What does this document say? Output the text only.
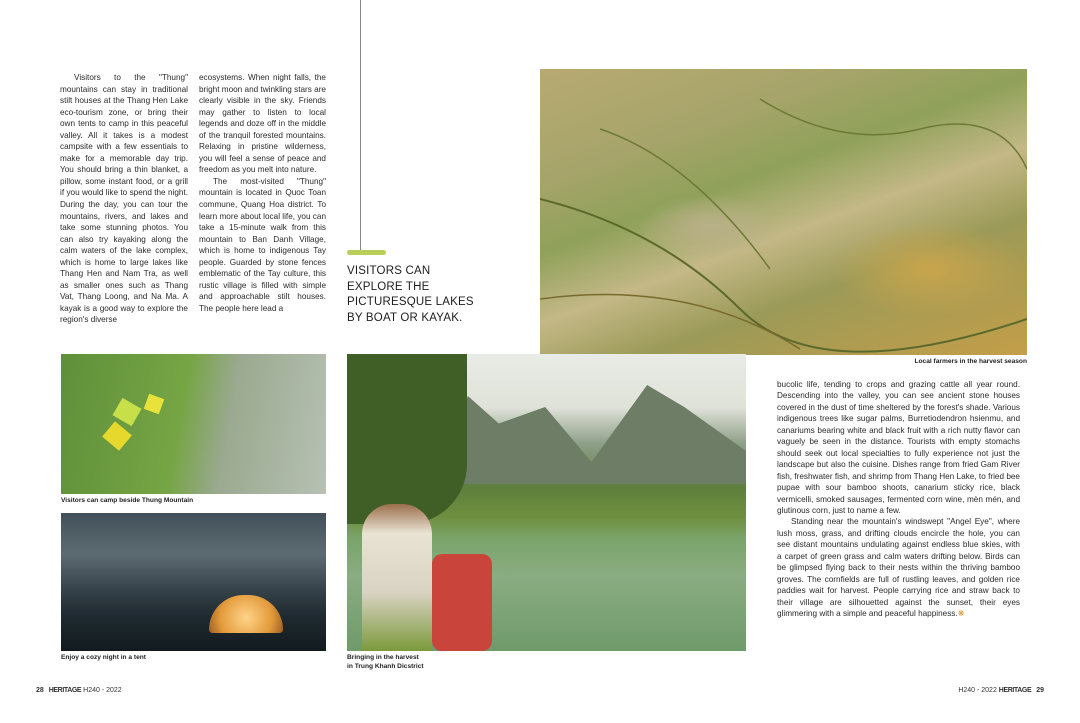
Visitors to the "Thung" mountains can stay in traditional stilt houses at the Thang Hen Lake eco-tourism zone, or bring their own tents to camp in this peaceful valley. All it takes is a modest campsite with a few essentials to make for a memorable day trip. You should bring a thin blanket, a pillow, some instant food, or a grill if you would like to spend the night. During the day, you can tour the mountains, rivers, and lakes and take some stunning photos. You can also try kayaking along the calm waters of the lake complex, which is home to large lakes like Thang Hen and Nam Tra, as well as smaller ones such as Thang Vat, Thang Loong, and Na Ma. A kayak is a good way to explore the region's diverse

ecosystems. When night falls, the bright moon and twinkling stars are clearly visible in the sky. Friends may gather to listen to local legends and doze off in the middle of the tranquil forested mountains. Relaxing in pristine wilderness, you will feel a sense of peace and freedom as you melt into nature.

The most-visited "Thung" mountain is located in Quoc Toan commune, Quang Hoa district. To learn more about local life, you can take a 15-minute walk from this mountain to Ban Danh Village, which is home to indigenous Tay people. Guarded by stone fences emblematic of the Tay culture, this rustic village is filled with simple and approachable stilt houses. The people here lead a

VISITORS CAN EXPLORE THE PICTURESQUE LAKES BY BOAT OR KAYAK.
Local farmers in the harvest season
Visitors can camp beside Thung Mountain
Enjoy a cozy night in a tent	Bringing in the harvest
in Trung Khanh Dicstrict

bucolic life, tending to crops and grazing cattle all year round. Descending into the valley, you can see ancient stone houses covered in the dust of time sheltered by the forest's shade. Various indigenous trees like sugar palms, Burretiodendron hsienmu, and canariums bearing white and black fruit with a rich nutty flavor can vaguely be seen in the distance. Tourists with empty stomachs should seek out local specialties to fully experience not just the landscape but also the cuisine. Dishes range from fried Gam River fish, freshwater fish, and shrimp from Thang Hen Lake, to fried bee pupae with sour bamboo shoots, canarium sticky rice, black vermicelli, smoked sausages, fermented corn wine, mèn mén, and glutinous corn, just to name a few.

Standing near the mountain's windswept "Angel Eye", where lush moss, grass, and drifting clouds encircle the hole, you can see distant mountains undulating against endless blue skies, with a carpet of green grass and calm waters drifting below. Birds can be glimpsed flying back to their nests within the thriving bamboo groves. The cornfields are full of rustling leaves, and golden rice paddies wait for harvest. People carrying rice and straw back to their village are silhouetted against the sunset, their eyes glimmering with a simple and peaceful happiness.❋

28 HERITAGE H240 - 2022	H240 - 2022 HERITAGE 29
